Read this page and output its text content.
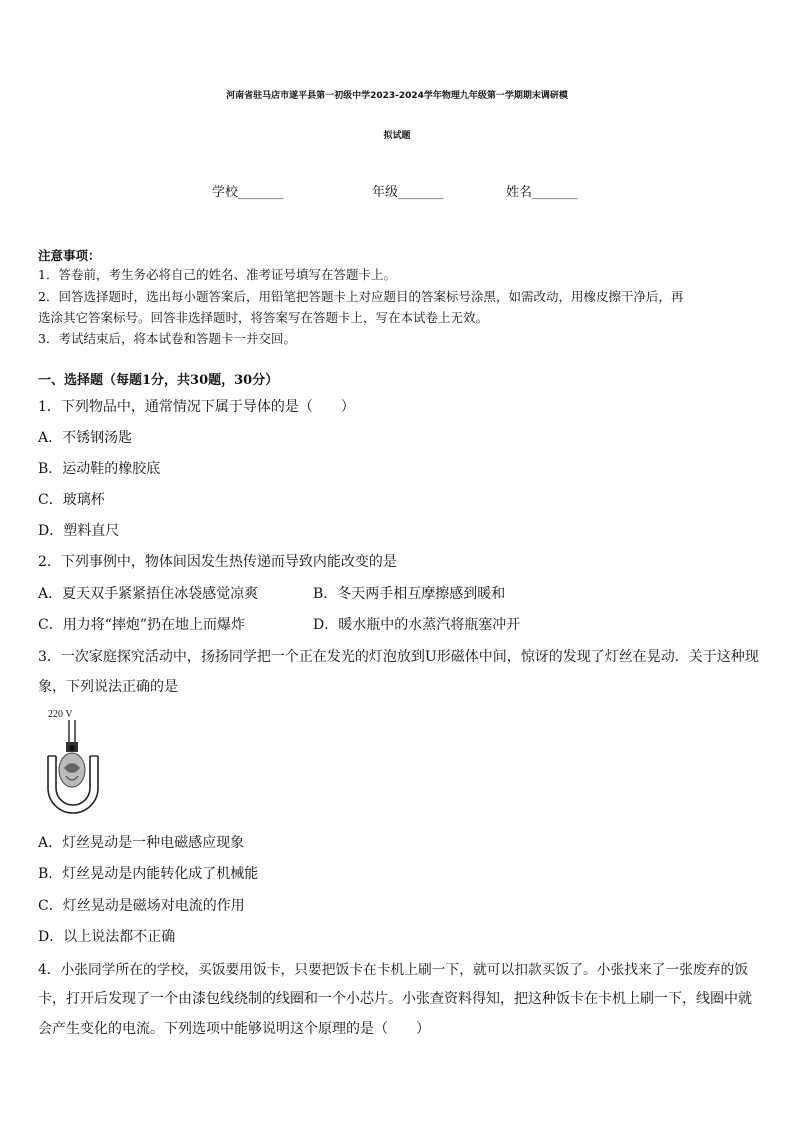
河南省驻马店市遂平县第一初级中学2023-2024学年物理九年级第一学期期末调研模
拟试题
学校_______	年级_______	姓名_______
注意事项：
1．答卷前，考生务必将自己的姓名、准考证号填写在答题卡上。
2．回答选择题时，选出每小题答案后，用铅笔把答题卡上对应题目的答案标号涂黑，如需改动，用橡皮擦干净后，再
选涂其它答案标号。回答非选择题时，将答案写在答题卡上，写在本试卷上无效。
3．考试结束后，将本试卷和答题卡一并交回。
一、选择题（每题1分，共30题，30分）
1．下列物品中，通常情况下属于导体的是（　　）
A．不锈钢汤匙
B．运动鞋的橡胶底
C．玻璃杯
D．塑料直尺
2．下列事例中，物体间因发生热传递而导致内能改变的是
A．夏天双手紧紧捂住冰袋感觉凉爽	B．冬天两手相互摩擦感到暖和
C．用力将“摔炮”扔在地上而爆炸	D．暖水瓶中的水蒸汽将瓶塞冲开
3．一次家庭探究活动中，扬扬同学把一个正在发光的灯泡放到U形磁体中间，惊讶的发现了灯丝在晃动．关于这种现
象，下列说法正确的是
220 V
A．灯丝晃动是一种电磁感应现象
B．灯丝晃动是内能转化成了机械能
C．灯丝晃动是磁场对电流的作用
D．以上说法都不正确
4．小张同学所在的学校，买饭要用饭卡，只要把饭卡在卡机上刷一下，就可以扣款买饭了。小张找来了一张废弃的饭
卡，打开后发现了一个由漆包线绕制的线圈和一个小芯片。小张查资料得知，把这种饭卡在卡机上刷一下，线圈中就
会产生变化的电流。下列选项中能够说明这个原理的是（　　）
